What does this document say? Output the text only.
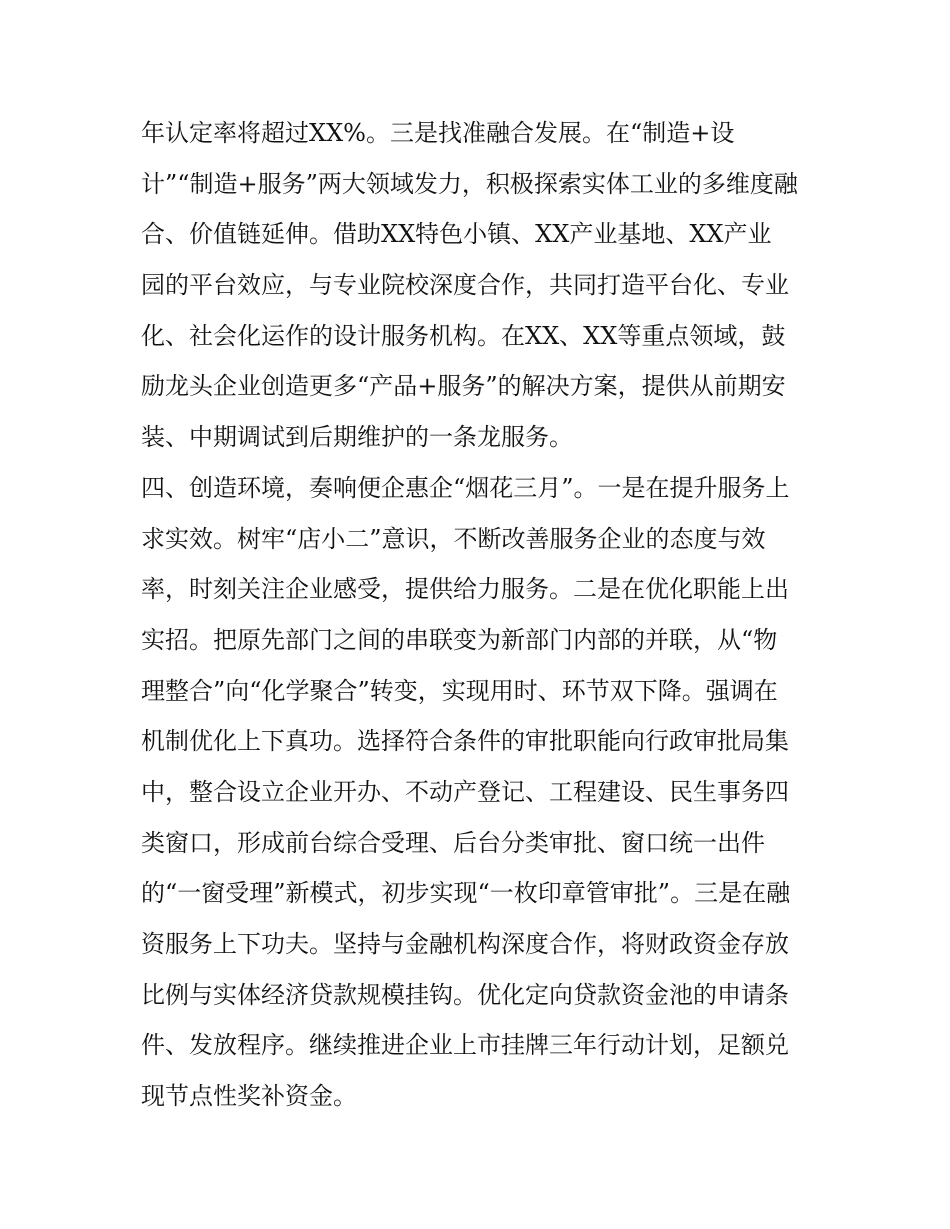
年认定率将超过XX%。三是找准融合发展。在“制造+设
计”“制造+服务”两大领域发力，积极探索实体工业的多维度融
合、价值链延伸。借助XX特色小镇、XX产业基地、XX产业
园的平台效应，与专业院校深度合作，共同打造平台化、专业
化、社会化运作的设计服务机构。在XX、XX等重点领域，鼓
励龙头企业创造更多“产品+服务”的解决方案，提供从前期安
装、中期调试到后期维护的一条龙服务。
四、创造环境，奏响便企惠企“烟花三月”。一是在提升服务上
求实效。树牢“店小二”意识，不断改善服务企业的态度与效
率，时刻关注企业感受，提供给力服务。二是在优化职能上出
实招。把原先部门之间的串联变为新部门内部的并联，从“物
理整合”向“化学聚合”转变，实现用时、环节双下降。强调在
机制优化上下真功。选择符合条件的审批职能向行政审批局集
中，整合设立企业开办、不动产登记、工程建设、民生事务四
类窗口，形成前台综合受理、后台分类审批、窗口统一出件
的“一窗受理”新模式，初步实现“一枚印章管审批”。三是在融
资服务上下功夫。坚持与金融机构深度合作，将财政资金存放
比例与实体经济贷款规模挂钩。优化定向贷款资金池的申请条
件、发放程序。继续推进企业上市挂牌三年行动计划，足额兑
现节点性奖补资金。
